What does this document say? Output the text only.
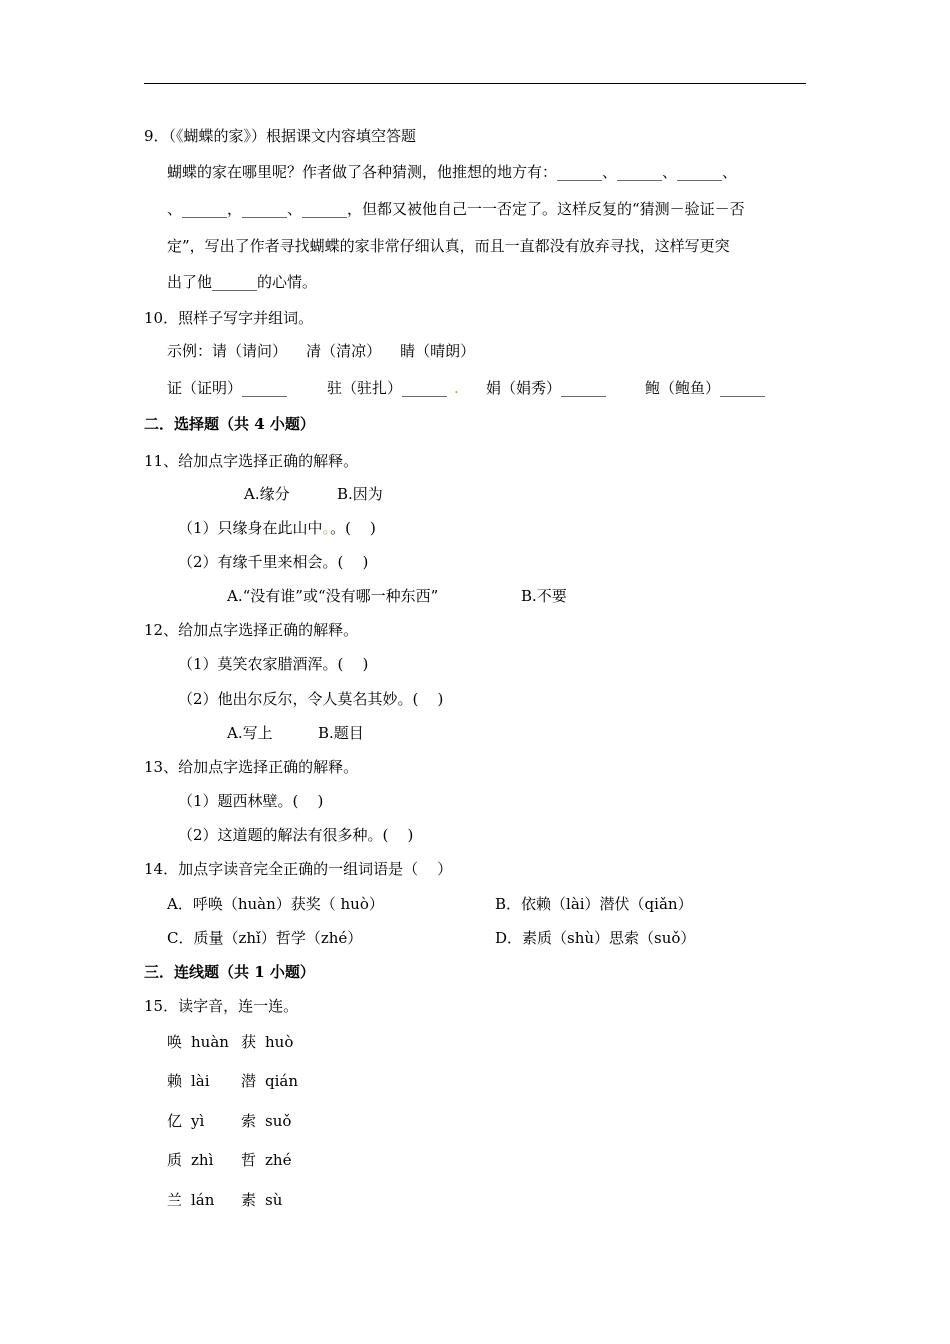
9．（《蝴蝶的家》）根据课文内容填空答题
蝴蝶的家在哪里呢？作者做了各种猜测，他推想的地方有：______、______、______、
、______，______、______，但都又被他自己一一否定了。这样反复的“猜测－验证－否
定”，写出了作者寻找蝴蝶的家非常仔细认真，而且一直都没有放弃寻找，这样写更突
出了他______的心情。
10．照样子写字并组词。
示例：请（请问）    凊（清凉）    睛（晴朗）
证（证明）______	驻（驻扎）______ . 娟（娟秀）______	鲍（鲍鱼）______
二．选择题（共 4 小题）
11、给加点字选择正确的解释。
A.缘分	B.因为
（1）只缘身在此山中。。(    )
（2）有缘千里来相会。(    )
A.“没有谁”或“没有哪一种东西”	B.不要
12、给加点字选择正确的解释。
（1）莫笑农家腊酒浑。(    )
（2）他出尔反尔，令人莫名其妙。(    )
A.写上	B.题目
13、给加点字选择正确的解释。
（1）题西林壁。(    )
（2）这道题的解法有很多种。(    )
14．加点字读音完全正确的一组词语是（    ）
A．呼唤（huàn）获奖（ huò）	B．依赖（lài）潜伏（qiǎn）
C．质量（zhǐ）哲学（zhé）	D．素质（shù）思索（suǒ）
三．连线题（共 1 小题）
15．读字音，连一连。
唤 huàn 获 huò
赖 lài 潜 qián
亿 yì 索 suǒ
质 zhì 哲 zhé
兰 lán 素 sù
